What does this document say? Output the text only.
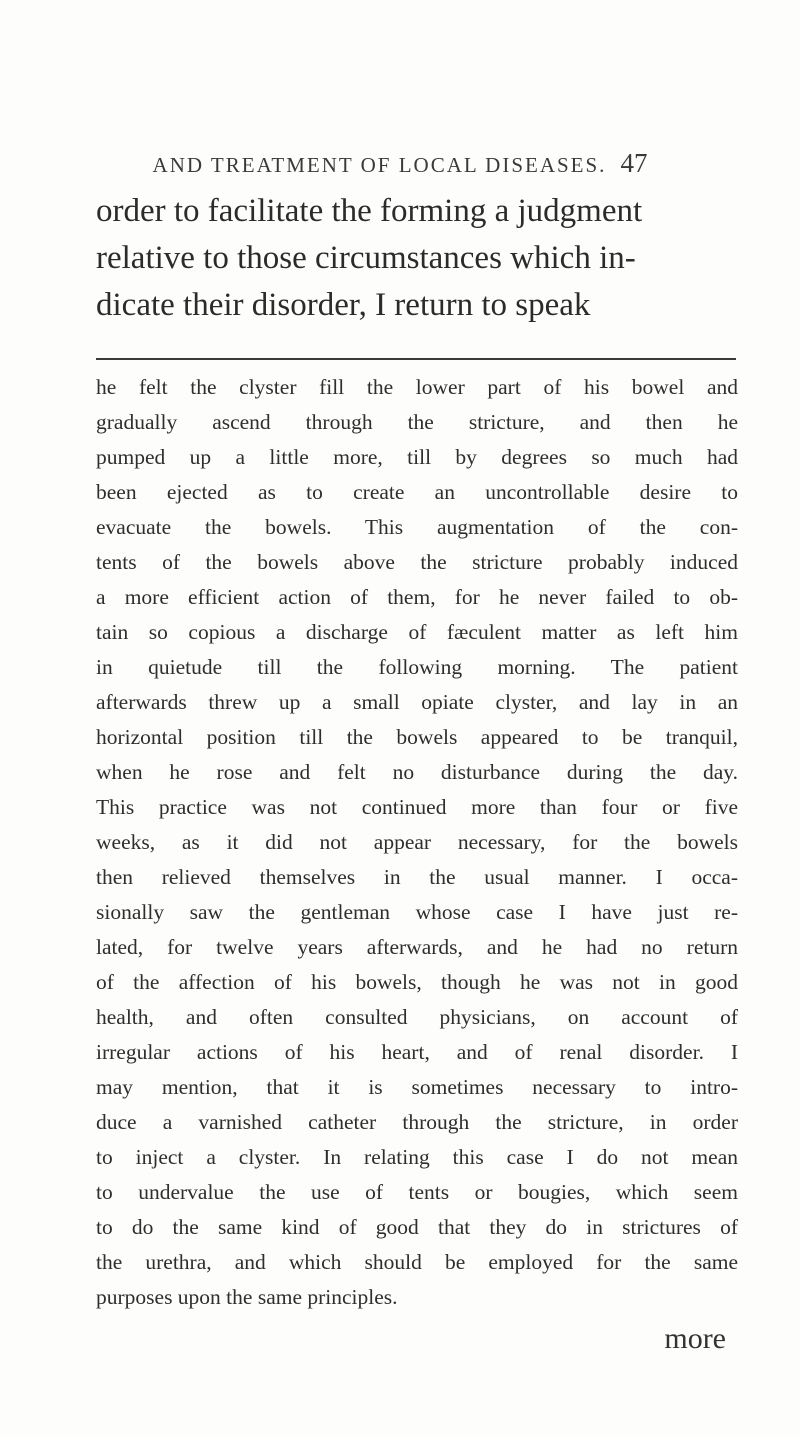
AND TREATMENT OF LOCAL DISEASES. 47
order to facilitate the forming a judgment
relative to those circumstances which in-
dicate their disorder, I return to speak
he felt the clyster fill the lower part of his bowel and
gradually ascend through the stricture, and then he
pumped up a little more, till by degrees so much had
been ejected as to create an uncontrollable desire to
evacuate the bowels. This augmentation of the con-
tents of the bowels above the stricture probably induced
a more efficient action of them, for he never failed to ob-
tain so copious a discharge of fæculent matter as left him
in quietude till the following morning. The patient
afterwards threw up a small opiate clyster, and lay in an
horizontal position till the bowels appeared to be tranquil,
when he rose and felt no disturbance during the day.
This practice was not continued more than four or five
weeks, as it did not appear necessary, for the bowels
then relieved themselves in the usual manner. I occa-
sionally saw the gentleman whose case I have just re-
lated, for twelve years afterwards, and he had no return
of the affection of his bowels, though he was not in good
health, and often consulted physicians, on account of
irregular actions of his heart, and of renal disorder. I
may mention, that it is sometimes necessary to intro-
duce a varnished catheter through the stricture, in order
to inject a clyster. In relating this case I do not mean
to undervalue the use of tents or bougies, which seem
to do the same kind of good that they do in strictures of
the urethra, and which should be employed for the same
purposes upon the same principles.
more
